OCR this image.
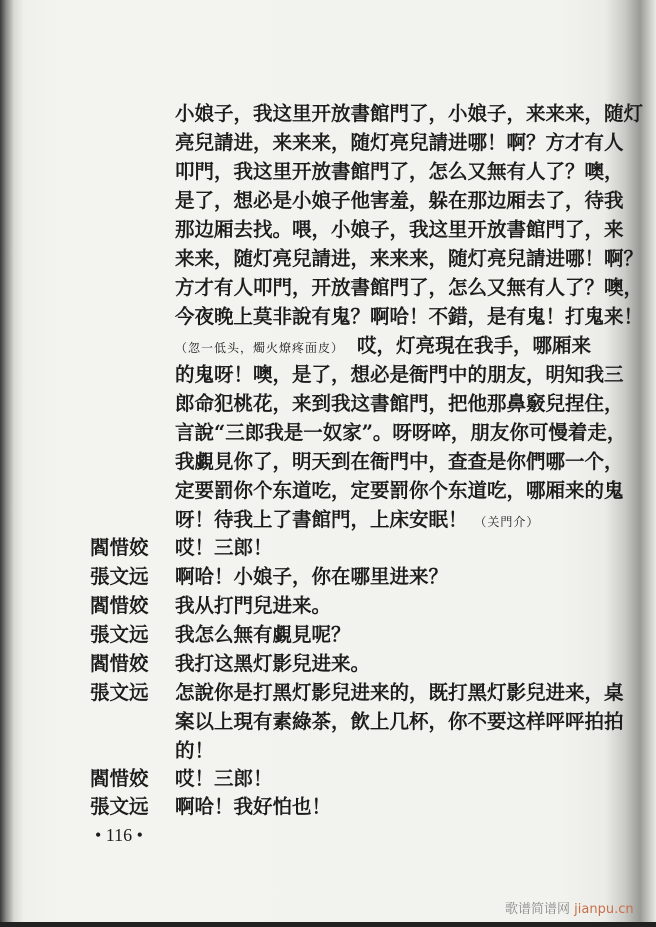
小娘子，我这里开放書館門了，小娘子，来来来，随灯
亮兒請进，来来来，随灯亮兒請进哪！啊？方才有人
叩門，我这里开放書館門了，怎么又無有人了？噢，
是了，想必是小娘子他害羞，躲在那边厢去了，待我
那边厢去找。喂，小娘子，我这里开放書館門了，来
来来，随灯亮兒請进，来来来，随灯亮兒請进哪！啊？
方才有人叩門，开放書館門了，怎么又無有人了？噢，
今夜晚上莫非說有鬼？啊哈！不錯，是有鬼！打鬼来！
（忽一低头，燭火燎疼面皮） 哎，灯亮現在我手，哪厢来
的鬼呀！噢，是了，想必是衙門中的朋友，明知我三
郎命犯桃花，来到我这書館門，把他那鼻竅兒捏住，
言說“三郎我是一奴家”。呀呀啐，朋友你可慢着走，
我覷見你了，明天到在衙門中，查查是你們哪一个，
定要罰你个东道吃，定要罰你个东道吃，哪厢来的鬼
呀！待我上了書館門，上床安眠！ （关門介）
閻惜姣 哎！三郎！
張文远 啊哈！小娘子，你在哪里进来？
閻惜姣 我从打門兒进来。
張文远 我怎么無有覷見呢？
閻惜姣 我打这黑灯影兒进来。
張文远 怎說你是打黑灯影兒进来的，既打黑灯影兒进来，桌
案以上現有素綠茶，飲上几杯，你不要这样呯呯拍拍
的！
閻惜姣 哎！三郎！
張文远 啊哈！我好怕也！
• 116 •
歌谱简谱网 jianpu.cn
